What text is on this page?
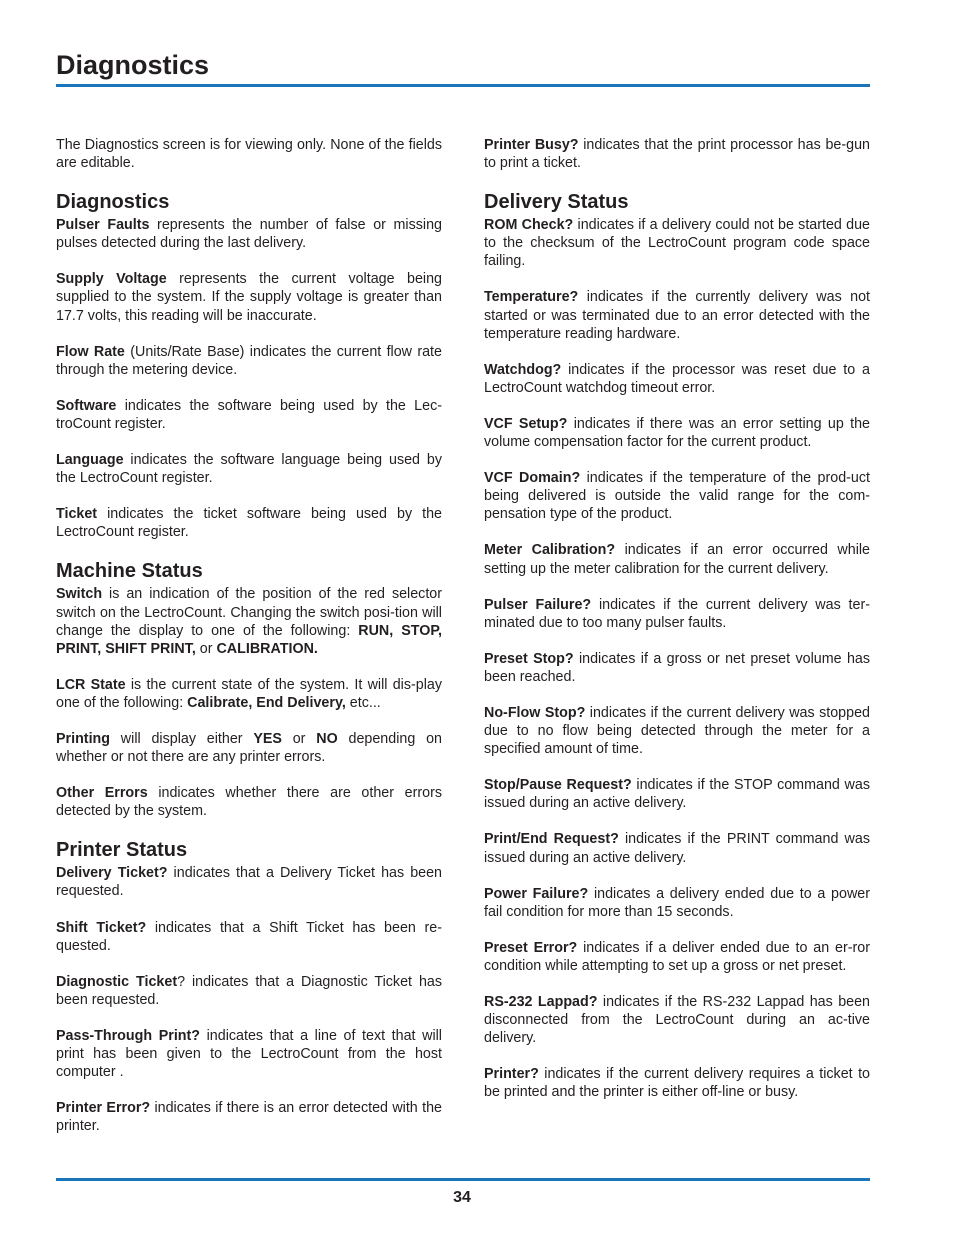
Diagnostics

The Diagnostics screen is for viewing only. None of the fields are editable.

Diagnostics

Pulser Faults represents the number of false or missing pulses detected during the last delivery.

Supply Voltage represents the current voltage being supplied to the system. If the supply voltage is greater than 17.7 volts, this reading will be inaccurate.

Flow Rate (Units/Rate Base) indicates the current flow rate through the metering device.

Software indicates the software being used by the Lec-troCount register.

Language indicates the software language being used by the LectroCount register.

Ticket indicates the ticket software being used by the LectroCount register.

Machine Status

Switch is an indication of the position of the red selector switch on the LectroCount. Changing the switch posi-tion will change the display to one of the following: RUN, STOP, PRINT, SHIFT PRINT, or CALIBRATION.

LCR State is the current state of the system. It will dis-play one of the following: Calibrate, End Delivery, etc...

Printing will display either YES or NO depending on whether or not there are any printer errors.

Other Errors indicates whether there are other errors detected by the system.

Printer Status

Delivery Ticket? indicates that a Delivery Ticket has been requested.

Shift Ticket? indicates that a Shift Ticket has been re-quested.

Diagnostic Ticket? indicates that a Diagnostic Ticket has been requested.

Pass-Through Print? indicates that a line of text that will print has been given to the LectroCount from the host computer .

Printer Error? indicates if there is an error detected with the printer.

Printer Busy? indicates that the print processor has be-gun to print a ticket.

Delivery Status

ROM Check? indicates if a delivery could not be started due to the checksum of the LectroCount program code space failing.

Temperature? indicates if the currently delivery was not started or was terminated due to an error detected with the temperature reading hardware.

Watchdog? indicates if the processor was reset due to a LectroCount watchdog timeout error.

VCF Setup? indicates if there was an error setting up the volume compensation factor for the current product.

VCF Domain? indicates if the temperature of the prod-uct being delivered is outside the valid range for the com-pensation type of the product.

Meter Calibration? indicates if an error occurred while setting up the meter calibration for the current delivery.

Pulser Failure? indicates if the current delivery was ter-minated due to too many pulser faults.

Preset Stop? indicates if a gross or net preset volume has been reached.

No-Flow Stop? indicates if the current delivery was stopped due to no flow being detected through the meter for a specified amount of time.

Stop/Pause Request? indicates if the STOP command was issued during an active delivery.

Print/End Request? indicates if the PRINT command was issued during an active delivery.

Power Failure? indicates a delivery ended due to a power fail condition for more than 15 seconds.

Preset Error? indicates if a deliver ended due to an er-ror condition while attempting to set up a gross or net preset.

RS-232 Lappad? indicates if the RS-232 Lappad has been disconnected from the LectroCount during an ac-tive delivery.

Printer? indicates if the current delivery requires a ticket to be printed and the printer is either off-line or busy.

34
